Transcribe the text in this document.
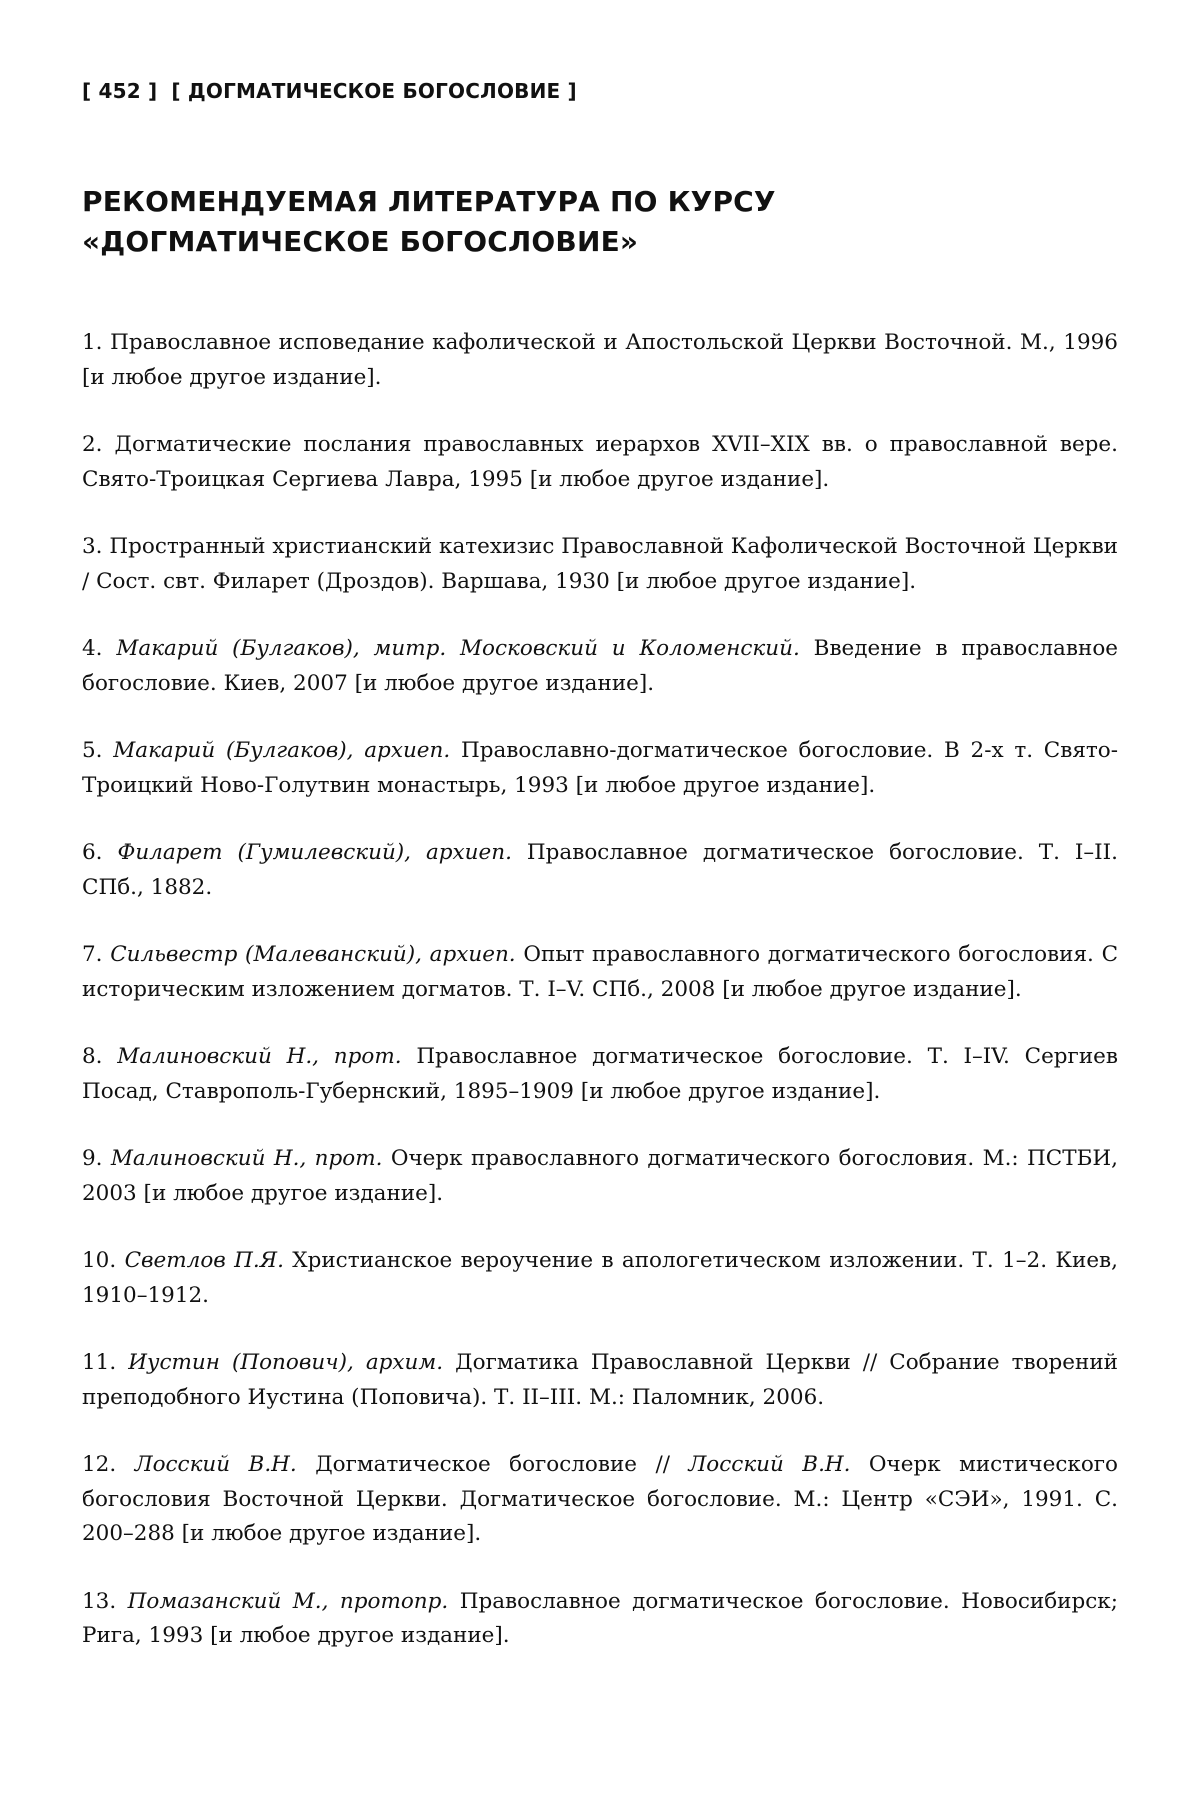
[ 452 ] [ ДОГМАТИЧЕСКОЕ БОГОСЛОВИЕ ]
РЕКОМЕНДУЕМАЯ ЛИТЕРАТУРА ПО КУРСУ
«ДОГМАТИЧЕСКОЕ БОГОСЛОВИЕ»
1. Православное исповедание кафолической и Апостольской Церкви Восточной. М., 1996 [и любое другое издание].
2. Догматические послания православных иерархов XVII–XIX вв. о православной вере. Свято-Троицкая Сергиева Лавра, 1995 [и любое другое издание].
3. Пространный христианский катехизис Православной Кафолической Восточной Церкви / Сост. свт. Филарет (Дроздов). Варшава, 1930 [и любое другое издание].
4. Макарий (Булгаков), митр. Московский и Коломенский. Введение в православное богословие. Киев, 2007 [и любое другое издание].
5. Макарий (Булгаков), архиеп. Православно-догматическое богословие. В 2-х т. Свято-Троицкий Ново-Голутвин монастырь, 1993 [и любое другое издание].
6. Филарет (Гумилевский), архиеп. Православное догматическое богословие. Т. I–II. СПб., 1882.
7. Сильвестр (Малеванский), архиеп. Опыт православного догматического богословия. С историческим изложением догматов. Т. I–V. СПб., 2008 [и любое другое издание].
8. Малиновский Н., прот. Православное догматическое богословие. Т. I–IV. Сергиев Посад, Ставрополь-Губернский, 1895–1909 [и любое другое издание].
9. Малиновский Н., прот. Очерк православного догматического богословия. М.: ПСТБИ, 2003 [и любое другое издание].
10. Светлов П.Я. Христианское вероучение в апологетическом изложении. Т. 1–2. Киев, 1910–1912.
11. Иустин (Попович), архим. Догматика Православной Церкви // Собрание творений преподобного Иустина (Поповича). Т. II–III. М.: Паломник, 2006.
12. Лосский В.Н. Догматическое богословие // Лосский В.Н. Очерк мистического богословия Восточной Церкви. Догматическое богословие. М.: Центр «СЭИ», 1991. С. 200–288 [и любое другое издание].
13. Помазанский М., протопр. Православное догматическое богословие. Новосибирск; Рига, 1993 [и любое другое издание].
